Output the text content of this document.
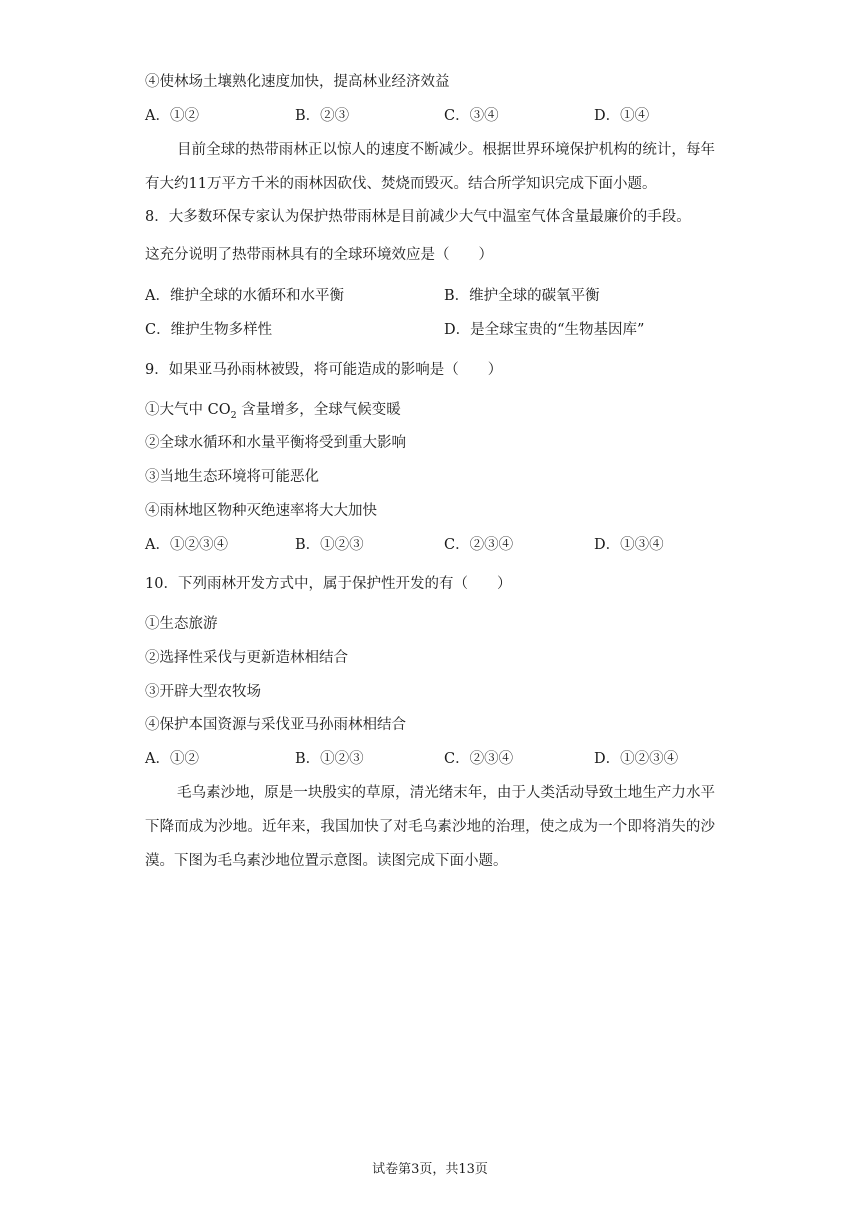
④使林场土壤熟化速度加快，提高林业经济效益
A．①②	B．②③	C．③④	D．①④
目前全球的热带雨林正以惊人的速度不断减少。根据世界环境保护机构的统计，每年有大约11万平方千米的雨林因砍伐、焚烧而毁灭。结合所学知识完成下面小题。
8．大多数环保专家认为保护热带雨林是目前减少大气中温室气体含量最廉价的手段。
这充分说明了热带雨林具有的全球环境效应是（　　）
A．维护全球的水循环和水平衡	B．维护全球的碳氧平衡
C．维护生物多样性	D．是全球宝贵的“生物基因库”
9．如果亚马孙雨林被毁，将可能造成的影响是（　　）
①大气中 $CO_2$ 含量增多，全球气候变暖
②全球水循环和水量平衡将受到重大影响
③当地生态环境将可能恶化
④雨林地区物种灭绝速率将大大加快
A．①②③④	B．①②③	C．②③④	D．①③④
10．下列雨林开发方式中，属于保护性开发的有（　　）
①生态旅游
②选择性采伐与更新造林相结合
③开辟大型农牧场
④保护本国资源与采伐亚马孙雨林相结合
A．①②	B．①②③	C．②③④	D．①②③④
毛乌素沙地，原是一块殷实的草原，清光绪末年，由于人类活动导致土地生产力水平下降而成为沙地。近年来，我国加快了对毛乌素沙地的治理，使之成为一个即将消失的沙漠。下图为毛乌素沙地位置示意图。读图完成下面小题。
试卷第3页，共13页
